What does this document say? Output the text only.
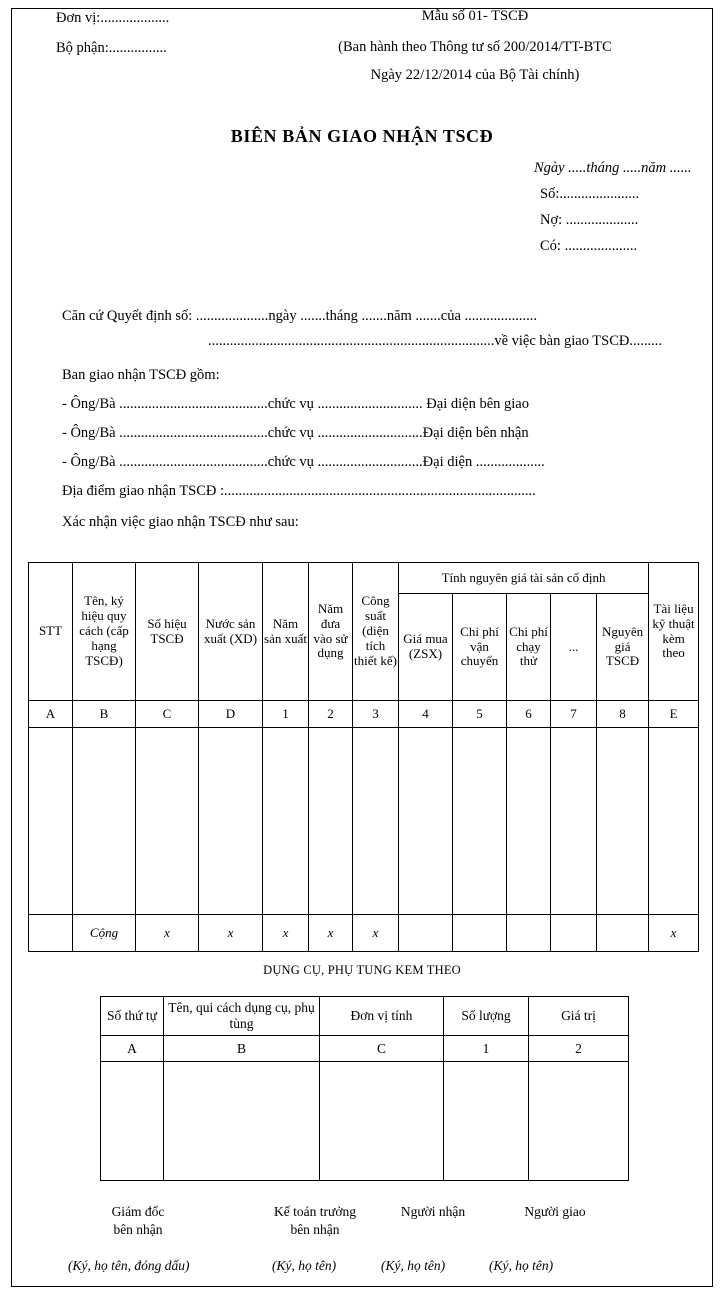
Đơn vị:...................
Bộ phận:................
Mẫu số 01- TSCĐ
(Ban hành theo Thông tư số 200/2014/TT-BTC
Ngày 22/12/2014 của Bộ Tài chính)
BIÊN BẢN GIAO NHẬN TSCĐ
Ngày .....tháng .....năm ......
Số:......................
Nợ: ....................
Có: ....................
Căn cứ Quyết định số: ....................ngày .......tháng .......năm .......của ....................
...............................................................................về việc bàn giao TSCĐ.........
Ban giao nhận TSCĐ gồm:
- Ông/Bà .........................................chức vụ ............................. Đại diện bên giao
- Ông/Bà .........................................chức vụ .............................Đại diện bên nhận
- Ông/Bà .........................................chức vụ .............................Đại diện ...................
Địa điểm giao nhận TSCĐ :......................................................................................
Xác nhận việc giao nhận TSCĐ như sau:
STT	Tên, ký hiệu quy cách (cấp hạng TSCĐ)	Số hiệu TSCĐ	Nước sản xuất (XD)	Năm sản xuất	Năm đưa vào sử dụng	Công suất (diện tích thiết kế)	Tính nguyên giá tài sản cố định					Tài liệu kỹ thuật kèm theo
							Giá mua (ZSX)	Chi phí vận chuyển	Chi phí chạy thử	...	Nguyên giá TSCĐ	
A	B	C	D	1	2	3	4	5	6	7	8	E

	Cộng	x	x	x	x	x						x
DỤNG CỤ, PHỤ TUNG KEM THEO
Số thứ tự	Tên, qui cách dụng cụ, phụ tùng	Đơn vị tính	Số lượng	Giá trị
A	B	C	1	2

Giám đốc
bên nhận
Kế toán trưởng
bên nhận
Người nhận	Người giao
(Ký, họ tên, đóng dấu)	(Ký, họ tên)	(Ký, họ tên)	(Ký, họ tên)
